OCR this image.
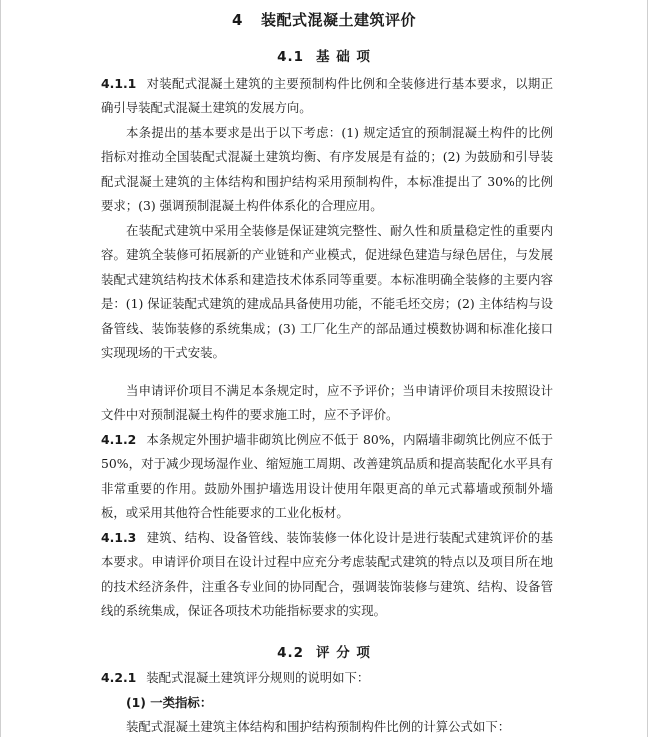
4 装配式混凝土建筑评价
4.1 基 础 项

4.1.1 对装配式混凝土建筑的主要预制构件比例和全装修进行基本要求，以期正确引导装配式混凝土建筑的发展方向。

本条提出的基本要求是出于以下考虑：(1) 规定适宜的预制混凝土构件的比例指标对推动全国装配式混凝土建筑均衡、有序发展是有益的；(2) 为鼓励和引导装配式混凝土建筑的主体结构和围护结构采用预制构件，本标准提出了 30%的比例要求；(3) 强调预制混凝土构件体系化的合理应用。

在装配式建筑中采用全装修是保证建筑完整性、耐久性和质量稳定性的重要内容。建筑全装修可拓展新的产业链和产业模式，促进绿色建造与绿色居住，与发展装配式建筑结构技术体系和建造技术体系同等重要。本标准明确全装修的主要内容是：(1) 保证装配式建筑的建成品具备使用功能，不能毛坯交房；(2) 主体结构与设备管线、装饰装修的系统集成；(3) 工厂化生产的部品通过模数协调和标准化接口实现现场的干式安装。

当申请评价项目不满足本条规定时，应不予评价；当申请评价项目未按照设计文件中对预制混凝土构件的要求施工时，应不予评价。

4.1.2 本条规定外围护墙非砌筑比例应不低于 80%，内隔墙非砌筑比例应不低于 50%，对于减少现场湿作业、缩短施工周期、改善建筑品质和提高装配化水平具有非常重要的作用。鼓励外围护墙选用设计使用年限更高的单元式幕墙或预制外墙板，或采用其他符合性能要求的工业化板材。

4.1.3 建筑、结构、设备管线、装饰装修一体化设计是进行装配式建筑评价的基本要求。申请评价项目在设计过程中应充分考虑装配式建筑的特点以及项目所在地的技术经济条件，注重各专业间的协同配合，强调装饰装修与建筑、结构、设备管线的系统集成，保证各项技术功能指标要求的实现。

4.2 评 分 项

4.2.1 装配式混凝土建筑评分规则的说明如下：

(1) 一类指标：

装配式混凝土建筑主体结构和围护结构预制构件比例的计算公式如下：
